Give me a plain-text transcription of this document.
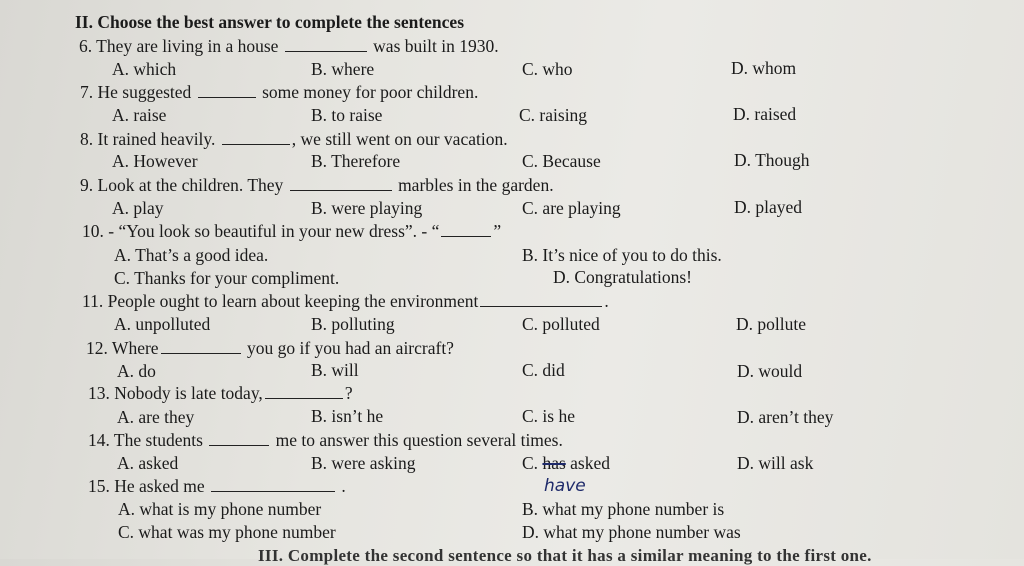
II. Choose the best answer to complete the sentences
6. They are living in a house	was built in 1930.
A. which	B. where	C. who	D. whom
7. He suggested	some money for poor children.
A. raise	B. to raise	C. raising	D. raised
8. It rained heavily.	, we still went on our vacation.
A. However	B. Therefore	C. Because	D. Though
9. Look at the children. They	marbles in the garden.
A. play	B. were playing	C. are playing	D. played
10. - “You look so beautiful in your new dress”. - “	”
A. That’s a good idea.	B. It’s nice of you to do this.
C. Thanks for your compliment.	D. Congratulations!
11. People ought to learn about keeping the environment	.
A. unpolluted	B. polluting	C. polluted	D. pollute
12. Where	you go if you had an aircraft?
A. do	B. will	C. did	D. would
13. Nobody is late today,	?
A. are they	B. isn’t he	C. is he	D. aren’t they
14. The students	me to answer this question several times.
A. asked	B. were asking	C. has asked	D. will ask
15. He asked me	.	have
A. what is my phone number	B. what my phone number is
C. what was my phone number	D. what my phone number was
III. Complete the second sentence so that it has a similar meaning to the first one.
